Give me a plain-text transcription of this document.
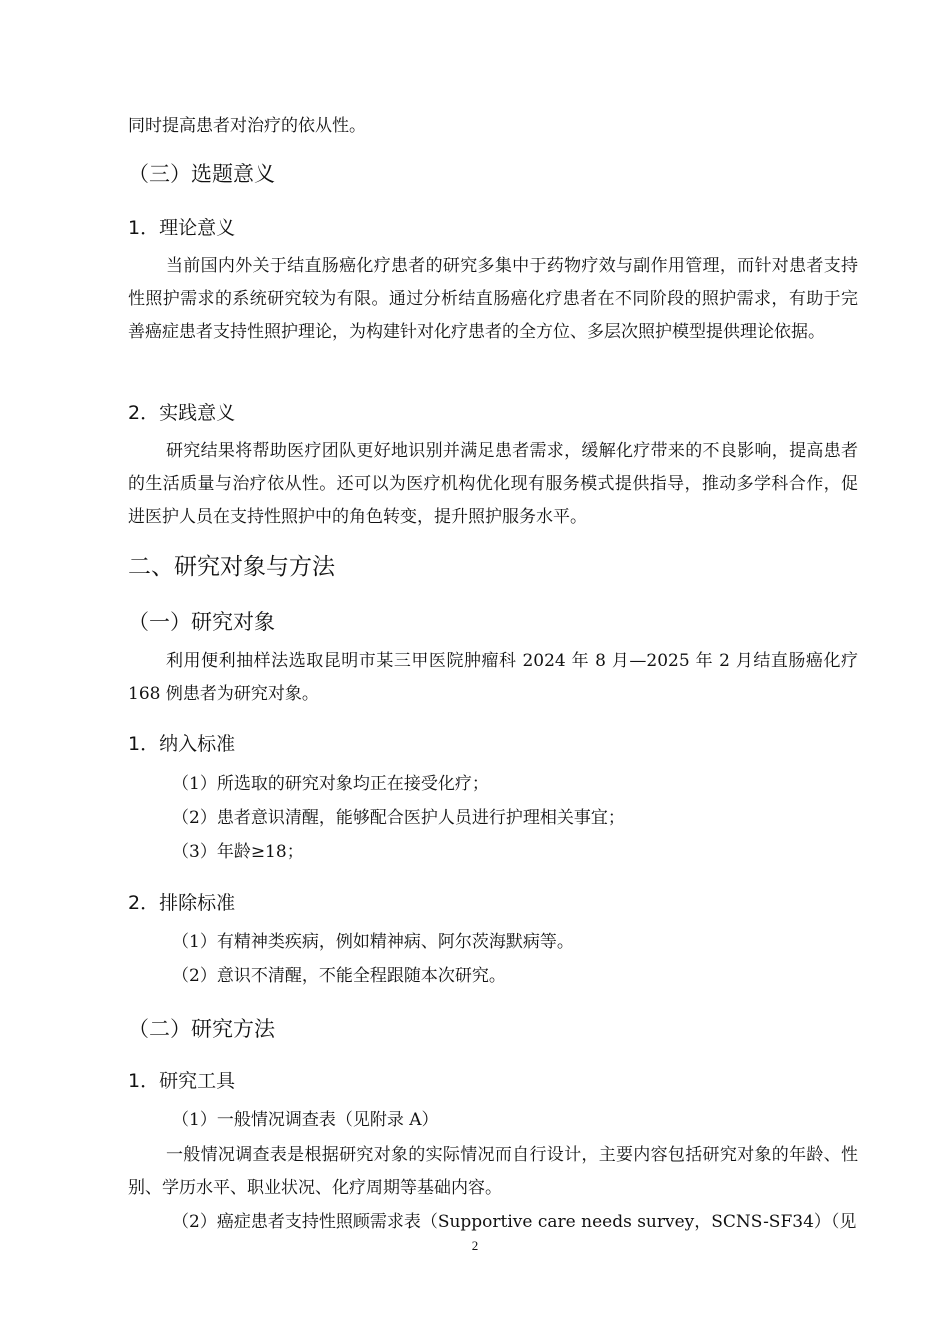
同时提高患者对治疗的依从性。
（三）选题意义
1．理论意义
当前国内外关于结直肠癌化疗患者的研究多集中于药物疗效与副作用管理，而针对患者支持性照护需求的系统研究较为有限。通过分析结直肠癌化疗患者在不同阶段的照护需求，有助于完善癌症患者支持性照护理论，为构建针对化疗患者的全方位、多层次照护模型提供理论依据。
2．实践意义
研究结果将帮助医疗团队更好地识别并满足患者需求，缓解化疗带来的不良影响，提高患者的生活质量与治疗依从性。还可以为医疗机构优化现有服务模式提供指导，推动多学科合作，促进医护人员在支持性照护中的角色转变，提升照护服务水平。
二、研究对象与方法
（一）研究对象
利用便利抽样法选取昆明市某三甲医院肿瘤科 2024 年 8 月—2025 年 2 月结直肠癌化疗 168 例患者为研究对象。
1．纳入标准
（1）所选取的研究对象均正在接受化疗；
（2）患者意识清醒，能够配合医护人员进行护理相关事宜；
（3）年龄≥18；
2．排除标准
（1）有精神类疾病，例如精神病、阿尔茨海默病等。
（2）意识不清醒，不能全程跟随本次研究。
（二）研究方法
1．研究工具
（1）一般情况调查表（见附录 A）
一般情况调查表是根据研究对象的实际情况而自行设计，主要内容包括研究对象的年龄、性别、学历水平、职业状况、化疗周期等基础内容。
（2）癌症患者支持性照顾需求表（Supportive care needs survey，SCNS-SF34）（见
2
